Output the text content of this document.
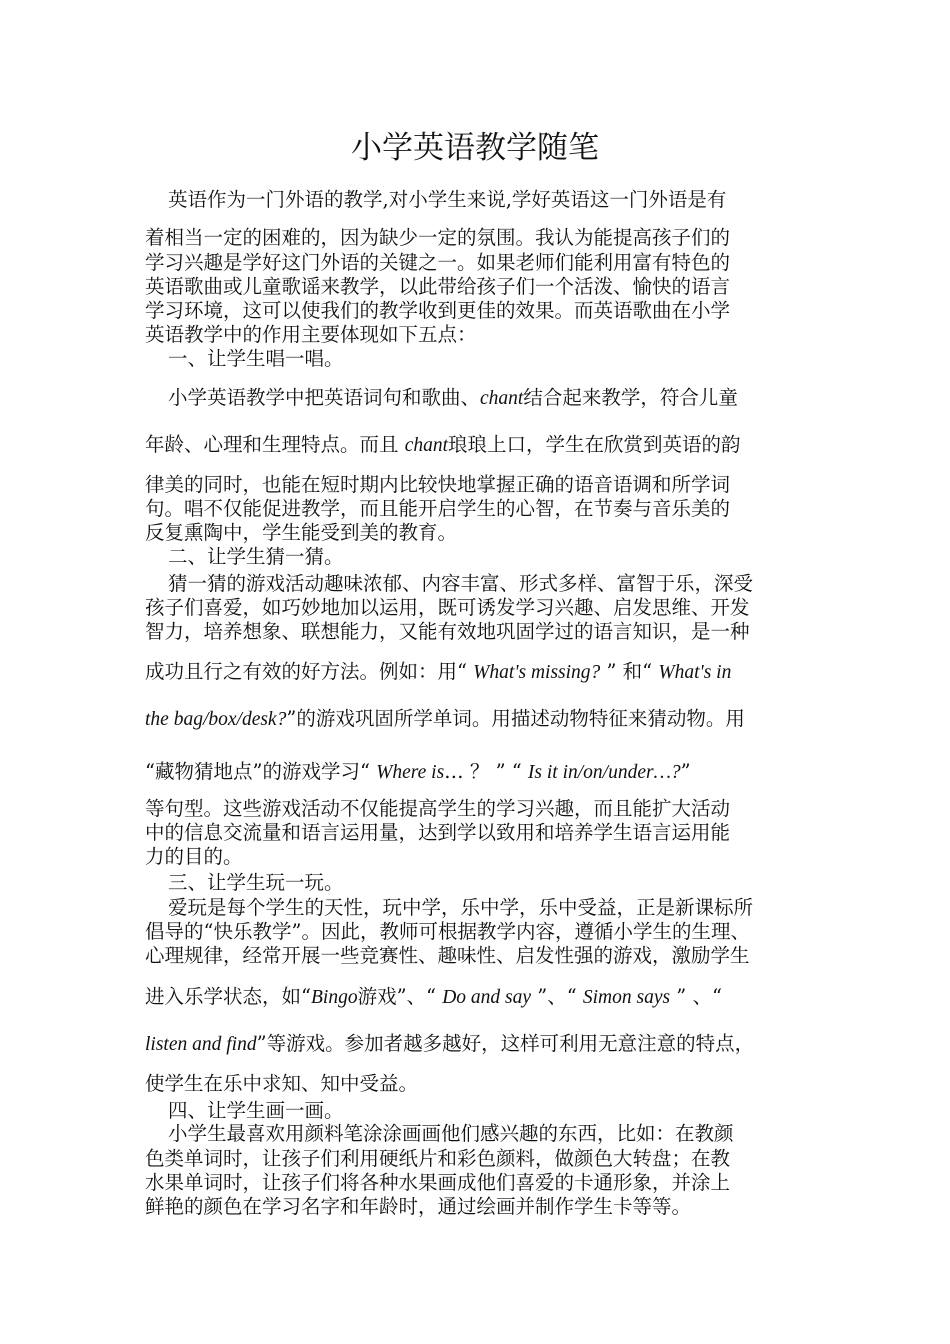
小学英语教学随笔
英语作为一门外语的教学,对小学生来说,学好英语这一门外语是有
着相当一定的困难的，因为缺少一定的氛围。我认为能提高孩子们的
学习兴趣是学好这门外语的关键之一。如果老师们能利用富有特色的
英语歌曲或儿童歌谣来教学，以此带给孩子们一个活泼、愉快的语言
学习环境，这可以使我们的教学收到更佳的效果。而英语歌曲在小学
英语教学中的作用主要体现如下五点：
一、让学生唱一唱。
小学英语教学中把英语词句和歌曲、chant结合起来教学，符合儿童
年龄、心理和生理特点。而且 chant琅琅上口，学生在欣赏到英语的韵
律美的同时，也能在短时期内比较快地掌握正确的语音语调和所学词
句。唱不仅能促进教学，而且能开启学生的心智，在节奏与音乐美的
反复熏陶中，学生能受到美的教育。
二、让学生猜一猜。
猜一猜的游戏活动趣味浓郁、内容丰富、形式多样、富智于乐，深受
孩子们喜爱，如巧妙地加以运用，既可诱发学习兴趣、启发思维、开发
智力，培养想象、联想能力，又能有效地巩固学过的语言知识，是一种
成功且行之有效的好方法。例如：用“ What's missing? ” 和“ What's in
the bag/box/desk?”的游戏巩固所学单词。用描述动物特征来猜动物。用
“藏物猜地点”的游戏学习“ Where is… ？ ” “ Is it in/on/under…?”
等句型。这些游戏活动不仅能提高学生的学习兴趣，而且能扩大活动
中的信息交流量和语言运用量，达到学以致用和培养学生语言运用能
力的目的。
三、让学生玩一玩。
爱玩是每个学生的天性，玩中学，乐中学，乐中受益，正是新课标所
倡导的“快乐教学”。因此，教师可根据教学内容，遵循小学生的生理、
心理规律，经常开展一些竞赛性、趣味性、启发性强的游戏，激励学生
进入乐学状态，如“Bingo游戏”、“ Do and say ”、“ Simon says ” 、“
listen and find”等游戏。参加者越多越好，这样可利用无意注意的特点，
使学生在乐中求知、知中受益。
四、让学生画一画。
小学生最喜欢用颜料笔涂涂画画他们感兴趣的东西，比如：在教颜
色类单词时，让孩子们利用硬纸片和彩色颜料，做颜色大转盘；在教
水果单词时，让孩子们将各种水果画成他们喜爱的卡通形象，并涂上
鲜艳的颜色在学习名字和年龄时，通过绘画并制作学生卡等等。
